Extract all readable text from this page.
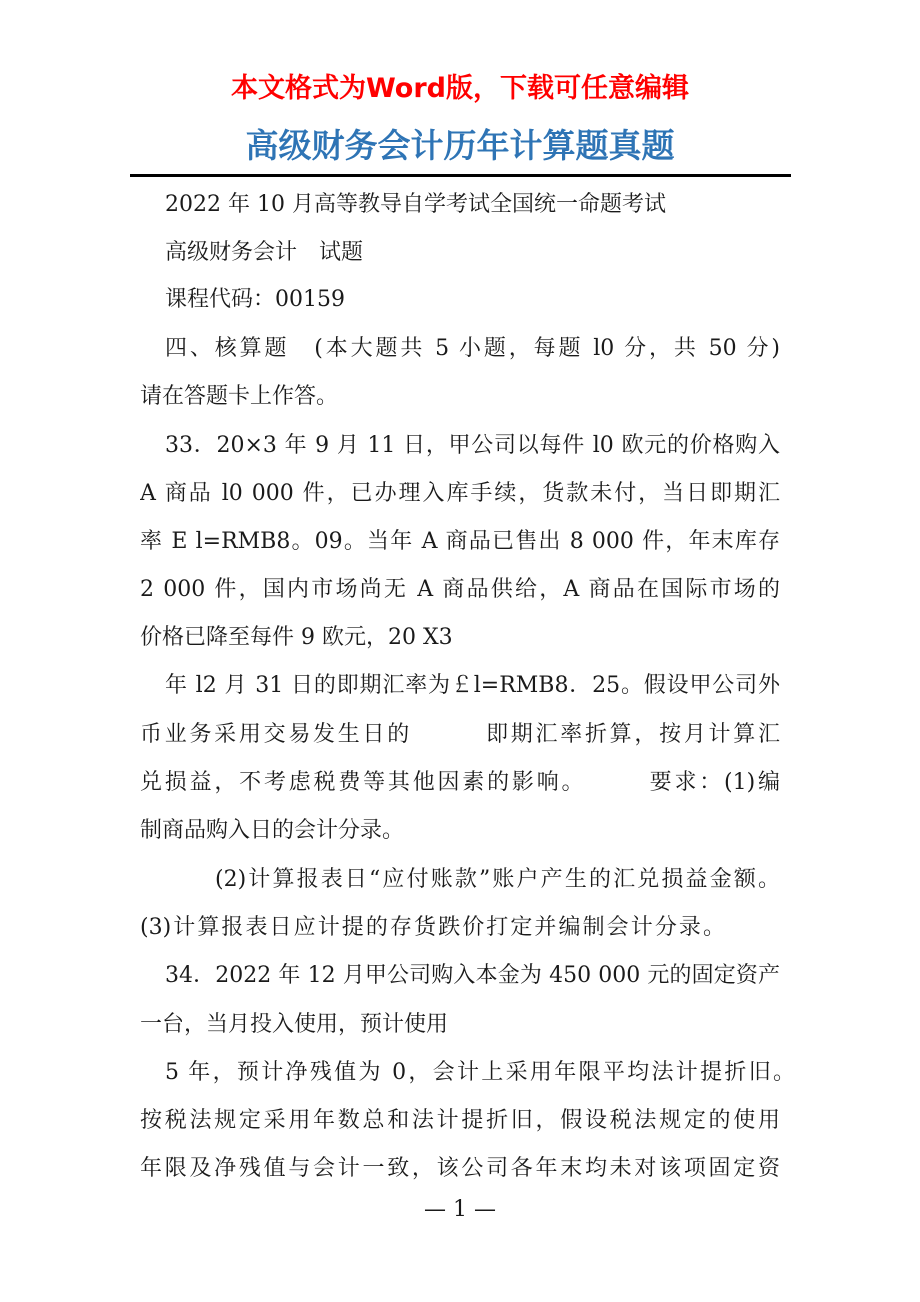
本文格式为Word版，下载可任意编辑
高级财务会计历年计算题真题
2022 年 10 月高等教导自学考试全国统一命题考试
高级财务会计　试题
课程代码：00159
四、核算题　(本大题共 5 小题，每题 l0 分，共 50 分)
请在答题卡上作答。
33．20×3 年 9 月 11 日，甲公司以每件 l0 欧元的价格购入
A 商品 l0 000 件，已办理入库手续，货款未付，当日即期汇
率 E l=RMB8。09。当年 A 商品已售出 8 000 件，年末库存
2 000 件，国内市场尚无 A 商品供给，A 商品在国际市场的
价格已降至每件 9 欧元，20 X3
年 l2 月 31 日的即期汇率为￡l=RMB8．25。假设甲公司外
币业务采用交易发生日的　　　即期汇率折算，按月计算汇
兑损益，不考虑税费等其他因素的影响。　　　要求：(1)编
制商品购入日的会计分录。
(2)计算报表日“应付账款”账户产生的汇兑损益金额。
(3)计算报表日应计提的存货跌价打定并编制会计分录。
34．2022 年 12 月甲公司购入本金为 450 000 元的固定资产
一台，当月投入使用，预计使用
5 年，预计净残值为 0，会计上采用年限平均法计提折旧。
按税法规定采用年数总和法计提折旧，假设税法规定的使用
年限及净残值与会计一致，该公司各年末均未对该项固定资
— 1 —
